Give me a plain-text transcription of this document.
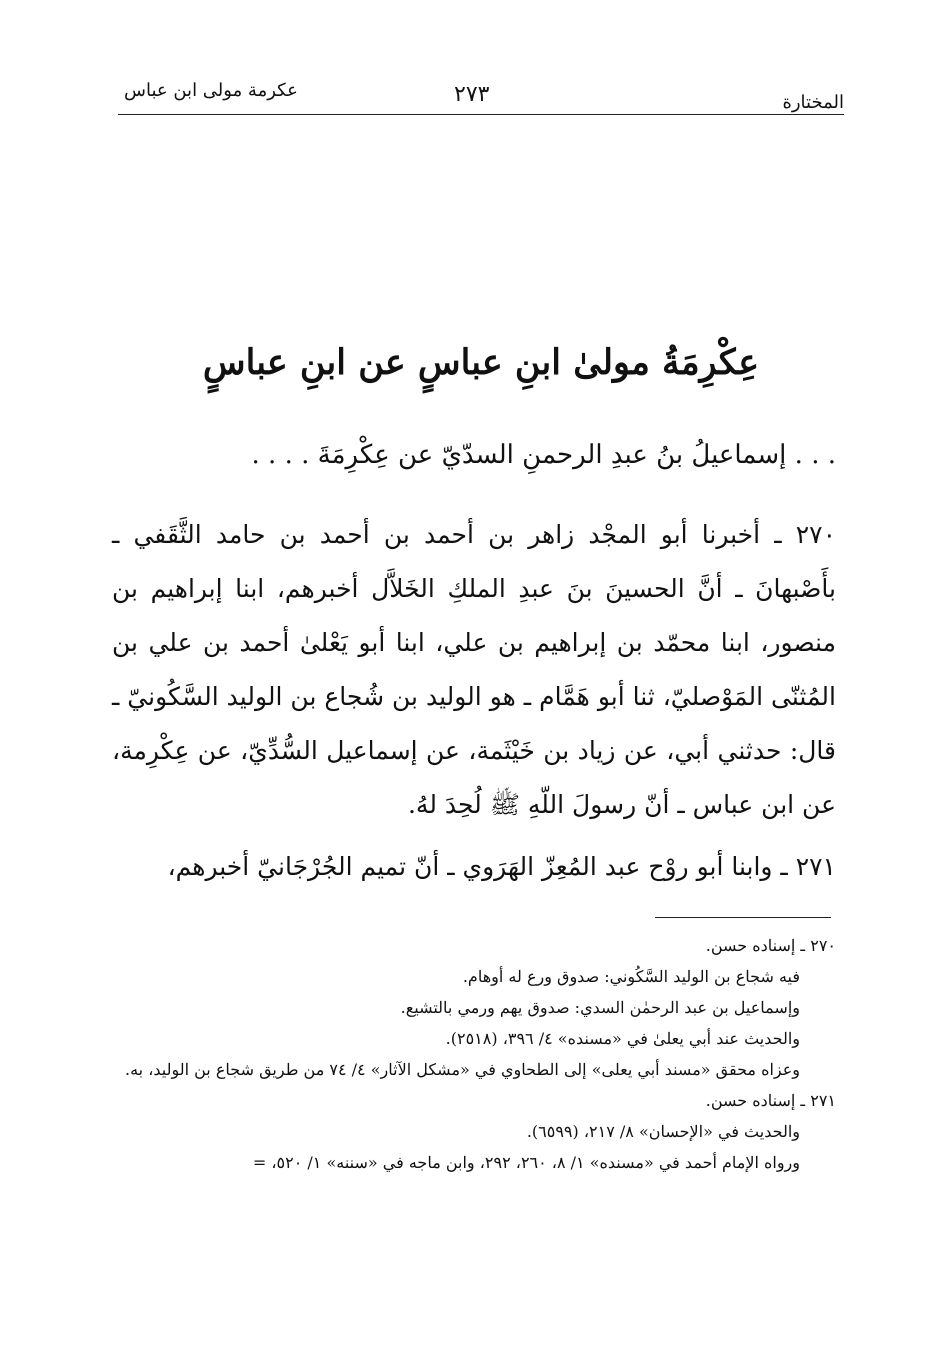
المختارة
٢٧٣
عكرمة مولى ابن عباس
عِكْرِمَةُ مولىٰ ابنِ عباسٍ عن ابنِ عباسٍ
. . . إسماعيلُ بنُ عبدِ الرحمنِ السدّيّ عن عِكْرِمَةَ . . . .

٢٧٠ ـ أخبرنا أبو المجْد زاهر بن أحمد بن أحمد بن حامد الثَّقَفي ـ بأَصْبهانَ ـ أنَّ الحسينَ بنَ عبدِ الملكِ الخَلاَّل أخبرهم، ابنا إبراهيم بن منصور، ابنا محمّد بن إبراهيم بن علي، ابنا أبو يَعْلىٰ أحمد بن علي بن المُثنّى المَوْصليّ، ثنا أبو هَمَّام ـ هو الوليد بن شُجاع بن الوليد السَّكُونيّ ـ قال: حدثني أبي، عن زياد بن خَيْثَمة، عن إسماعيل السُّدِّيّ، عن عِكْرِمة، عن ابن عباس ـ أنّ رسولَ اللّهِ ﷺ لُحِدَ لهُ.

٢٧١ ـ وابنا أبو روْح عبد المُعِزّ الهَرَوي ـ أنّ تميم الجُرْجَانيّ أخبرهم،

٢٧٠ ـ إسناده حسن.

فيه شجاع بن الوليد السَّكُوني: صدوق ورع له أوهام.

وإسماعيل بن عبد الرحمٰن السدي: صدوق يهم ورمي بالتشيع.

والحديث عند أبي يعلىٰ في «مسنده» ٤/ ٣٩٦، (٢٥١٨).

وعزاه محقق «مسند أبي يعلى» إلى الطحاوي في «مشكل الآثار» ٤/ ٧٤ من طريق شجاع بن الوليد، به.

٢٧١ ـ إسناده حسن.

والحديث في «الإحسان» ٨/ ٢١٧، (٦٥٩٩).

ورواه الإمام أحمد في «مسنده» ١/ ٨، ٢٦٠، ٢٩٢، وابن ماجه في «سننه» ١/ ٥٢٠، =
